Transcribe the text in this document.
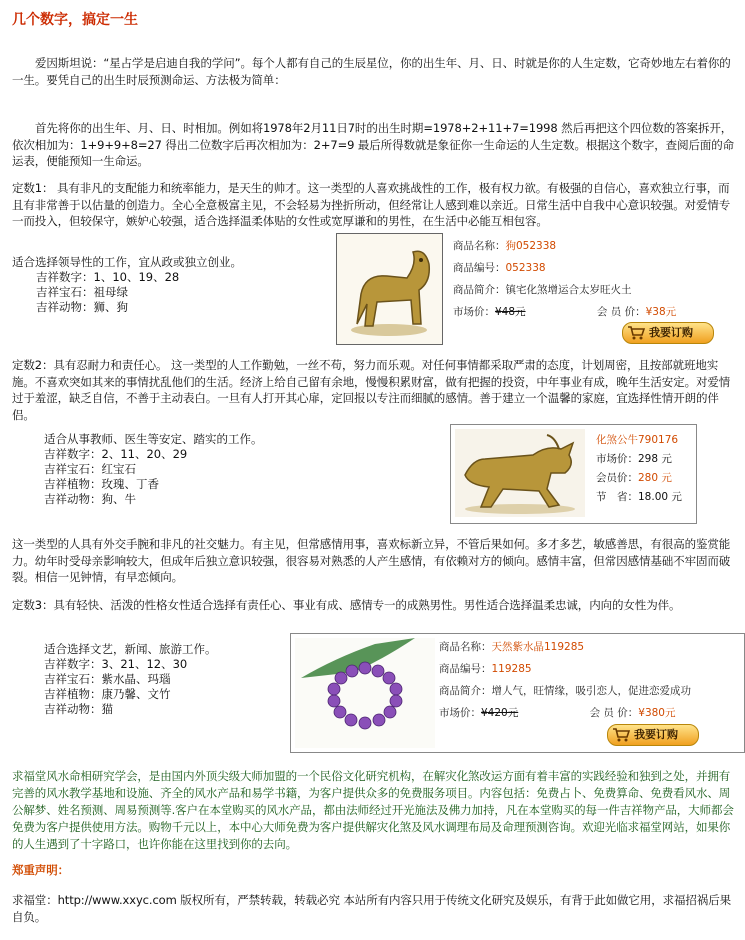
几个数字，搞定一生
爱因斯坦说：“星占学是启迪自我的学问”。每个人都有自己的生辰星位，你的出生年、月、日、时就是你的人生定数，它奇妙地左右着你的一生。要凭自己的出生时辰预测命运、方法极为简单：
首先将你的出生年、月、日、时相加。例如将1978年2月11日7时的出生时期=1978+2+11+7=1998 然后再把这个四位数的答案拆开，依次相加为：1+9+9+8=27 得出二位数字后再次相加为：2+7=9 最后所得数就是象征你一生命运的人生定数。根据这个数字，查阅后面的命运表，便能预知一生命运。
定数1： 具有非凡的支配能力和统率能力，是天生的帅才。这一类型的人喜欢挑战性的工作，极有权力欲。有极强的自信心，喜欢独立行事，而且有非常善于以估量的创造力。全心全意极富主见，不会轻易为挫折所动，但经常让人感到难以亲近。日常生活中自我中心意识较强。对爱情专一而投入，但较保守，嫉妒心较强，适合选择温柔体贴的女性或宽厚谦和的男性，在生活中必能互相包容。
适合选择领导性的工作，宜从政或独立创业。
吉祥数字：1、10、19、28
吉祥宝石：祖母绿
吉祥动物：狮、狗
商品名称：狗052338
商品编号：052338
商品简介：镇宅化煞增运合太岁旺火土
市场价：¥48元	会 员 价：¥38元
我要订购
定数2：具有忍耐力和责任心。 这一类型的人工作勤勉，一丝不苟，努力而乐观。对任何事情都采取严肃的态度，计划周密，且按部就班地实施。不喜欢突如其来的事情扰乱他们的生活。经济上给自己留有余地，慢慢积累财富，做有把握的投资，中年事业有成，晚年生活安定。对爱情过于羞涩，缺乏自信，不善于主动表白。一旦有人打开其心扉，定回报以专注而细腻的感情。善于建立一个温馨的家庭，宜选择性情开朗的伴侣。
适合从事教师、医生等安定、踏实的工作。
吉祥数字：2、11、20、29
吉祥宝石：红宝石
吉祥植物：玫瑰、丁香
吉祥动物：狗、牛
化煞公牛790176
市场价：298 元
会员价：280 元
节　省：18.00 元
这一类型的人具有外交手腕和非凡的社交魅力。有主见，但常感情用事，喜欢标新立异，不管后果如何。多才多艺，敏感善思，有很高的鉴赏能力。幼年时受母亲影响较大，但成年后独立意识较强，很容易对熟悉的人产生感情，有依赖对方的倾向。感情丰富，但常因感情基础不牢固而破裂。相信一见钟情，有早恋倾向。
定数3：具有轻快、活泼的性格女性适合选择有责任心、事业有成、感情专一的成熟男性。男性适合选择温柔忠诚，内向的女性为伴。
适合选择文艺，新闻、旅游工作。
吉祥数字：3、21、12、30
吉祥宝石：紫水晶、玛瑙
吉祥植物：康乃馨、文竹
吉祥动物：猫
商品名称：天然紫水晶119285
商品编号：119285
商品简介：增人气，旺情缘，吸引恋人，促进恋爱成功
市场价：¥420元	会 员 价：¥380元
我要订购
求福堂风水命相研究学会，是由国内外顶尖级大师加盟的一个民俗文化研究机构，在解灾化煞改运方面有着丰富的实践经验和独到之处，并拥有完善的风水教学基地和设施、齐全的风水产品和易学书籍，为客户提供众多的免费服务项目。内容包括：免费占卜、免费算命、免费看风水、周公解梦、姓名预测、周易预测等.客户在本堂购买的风水产品，都由法师经过开光施法及佛力加持，凡在本堂购买的每一件吉祥物产品，大师都会免费为客户提供使用方法。购物千元以上，本中心大师免费为客户提供解灾化煞及风水调理布局及命理预测咨询。欢迎光临求福堂网站，如果你的人生遇到了十字路口，也许你能在这里找到你的去向。
郑重声明：
求福堂：http://www.xxyc.com 版权所有，严禁转载，转载必究 本站所有内容只用于传统文化研究及娱乐，有背于此如做它用，求福招祸后果自负。
